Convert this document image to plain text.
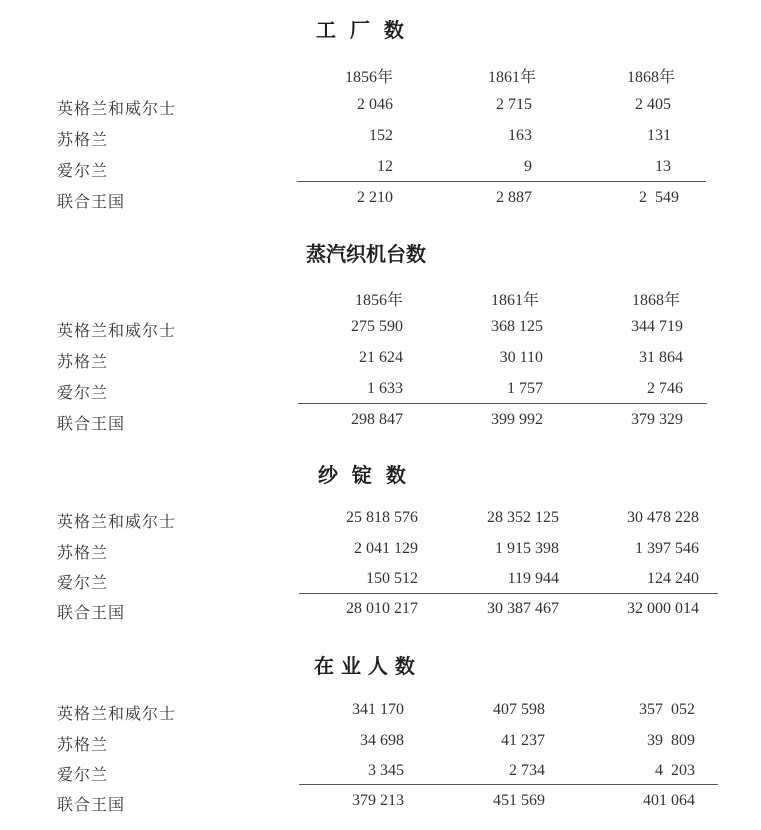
工  厂  数
1856年	1861年	1868年
英格兰和威尔士	2 046	2 715	2 405
苏格兰	152	163	131
爱尔兰	12	9	13
联合王国	2 210	2 887	2  549
蒸汽织机台数
1856年	1861年	1868年
英格兰和威尔士	275 590	368 125	344 719
苏格兰	21 624	30 110	31 864
爱尔兰	1 633	1 757	2 746
联合王国	298 847	399 992	379 329
纱  锭  数
英格兰和威尔士	25 818 576	28 352 125	30 478 228
苏格兰	2 041 129	1 915 398	1 397 546
爱尔兰	150 512	119 944	124 240
联合王国	28 010 217	30 387 467	32 000 014
在 业 人 数
英格兰和威尔士	341 170	407 598	357  052
苏格兰	34 698	41 237	39  809
爱尔兰	3 345	2 734	4  203
联合王国	379 213	451 569	401 064
